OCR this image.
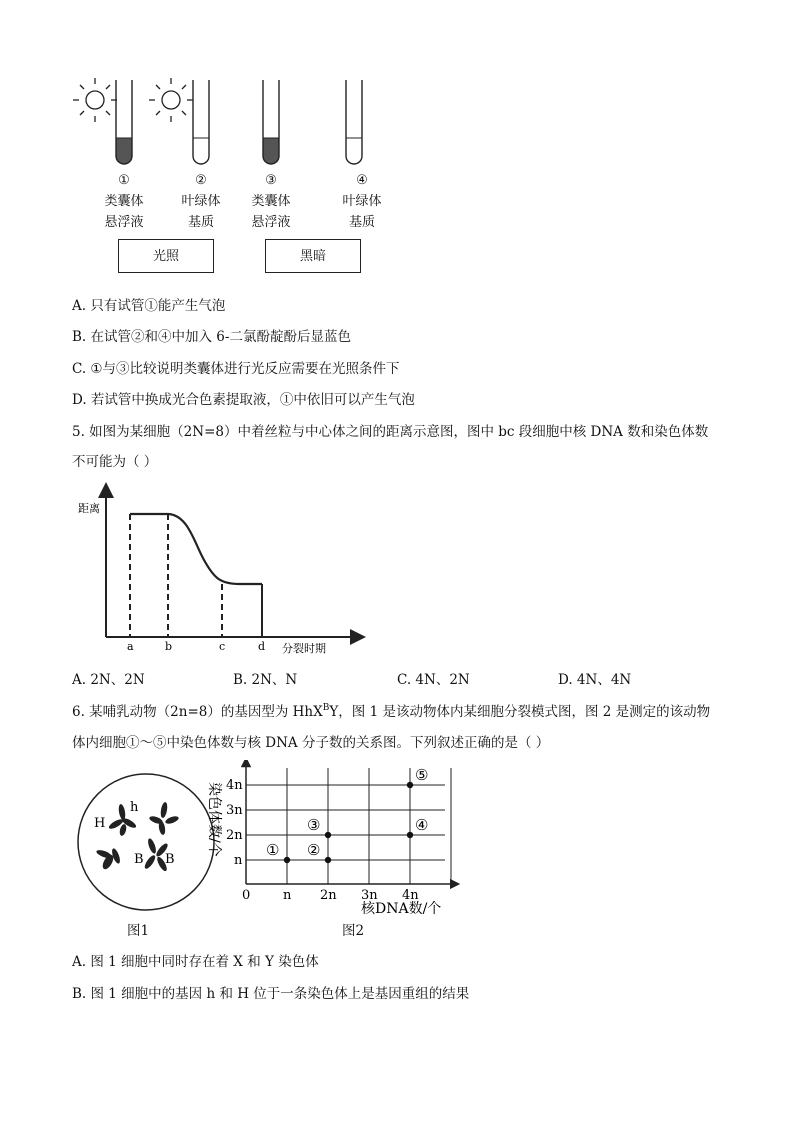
①
类囊体
悬浮液
②
叶绿体
基质
③
类囊体
悬浮液
④
叶绿体
基质
光照	黑暗
A. 只有试管①能产生气泡
B. 在试管②和④中加入 6-二氯酚靛酚后显蓝色
C. ①与③比较说明类囊体进行光反应需要在光照条件下
D. 若试管中换成光合色素提取液，①中依旧可以产生气泡
5. 如图为某细胞（2N=8）中着丝粒与中心体之间的距离示意图，图中 bc 段细胞中核 DNA 数和染色体数
不可能为（ ）
距离
分裂时期
a	b	c	d
A. 2N、2N	B. 2N、N	C. 4N、2N	D. 4N、4N
6. 某哺乳动物（2n=8）的基因型为 HhX$^B$Y，图 1 是该动物体内某细胞分裂模式图，图 2 是测定的该动物
体内细胞①～⑤中染色体数与核 DNA 分子数的关系图。下列叙述正确的是（ ）
H
h
B B
图1
0	n 2n 3n 4n
n
2n
3n
4n
① ②
③	④
⑤
核DNA数/个
染色体数/个
图2
A. 图 1 细胞中同时存在着 X 和 Y 染色体
B. 图 1 细胞中的基因 h 和 H 位于一条染色体上是基因重组的结果
